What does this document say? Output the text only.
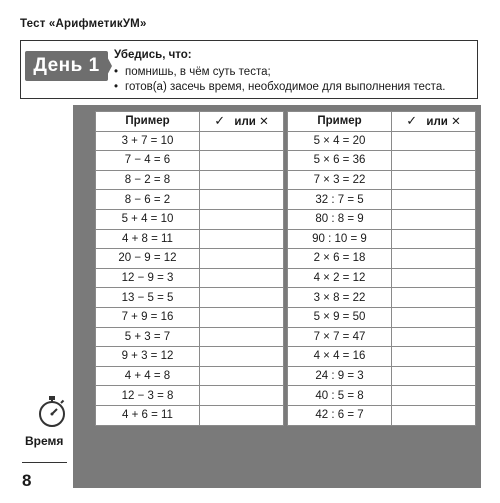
Тест «АрифметикУМ»
День 1	Убедись, что:
• помнишь, в чём суть теста;
• готов(а) засечь время, необходимое для выполнения теста.
Пример	✓ или ✕
3 + 7 = 10	
7 − 4 = 6	
8 − 2 = 8	
8 − 6 = 2	
5 + 4 = 10	
4 + 8 = 11	
20 − 9 = 12	
12 − 9 = 3	
13 − 5 = 5	
7 + 9 = 16	
5 + 3 = 7	
9 + 3 = 12	
4 + 4 = 8	
12 − 3 = 8	
4 + 6 = 11	
Пример	✓ или ✕
5 × 4 = 20	
5 × 6 = 36	
7 × 3 = 22	
32 : 7 = 5	
80 : 8 = 9	
90 : 10 = 9	
2 × 6 = 18	
4 × 2 = 12	
3 × 8 = 22	
5 × 9 = 50	
7 × 7 = 47	
4 × 4 = 16	
24 : 9 = 3	
40 : 5 = 8	
42 : 6 = 7	
Время
8
